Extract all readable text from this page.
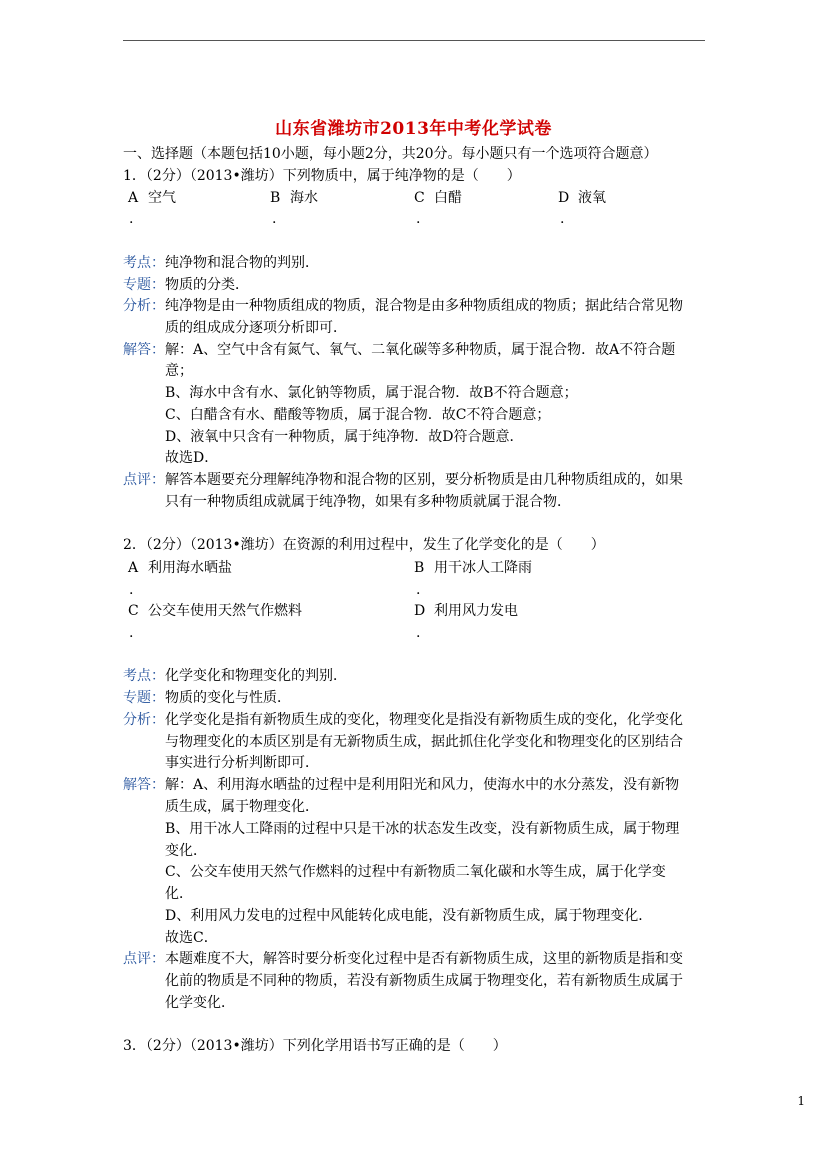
山东省潍坊市2013年中考化学试卷
一、选择题（本题包括10小题，每小题2分，共20分。每小题只有一个选项符合题意）
1．（2分）（2013•潍坊）下列物质中，属于纯净物的是（　　）
A 空气	B 海水	C 白醋	D 液氧
.	.	.	.
考点：纯净物和混合物的判别．
专题：物质的分类．
分析：纯净物是由一种物质组成的物质，混合物是由多种物质组成的物质；据此结合常见物
质的组成成分逐项分析即可．
解答：解：A、空气中含有氮气、氧气、二氧化碳等多种物质，属于混合物．故A不符合题
意；
B、海水中含有水、氯化钠等物质，属于混合物．故B不符合题意；
C、白醋含有水、醋酸等物质，属于混合物．故C不符合题意；
D、液氧中只含有一种物质，属于纯净物．故D符合题意．
故选D．
点评：解答本题要充分理解纯净物和混合物的区别，要分析物质是由几种物质组成的，如果
只有一种物质组成就属于纯净物，如果有多种物质就属于混合物．
2．（2分）（2013•潍坊）在资源的利用过程中，发生了化学变化的是（　　）
A 利用海水晒盐	B 用干冰人工降雨
.	.
C 公交车使用天然气作燃料	D 利用风力发电
.	.
考点：化学变化和物理变化的判别．
专题：物质的变化与性质．
分析：化学变化是指有新物质生成的变化，物理变化是指没有新物质生成的变化，化学变化
与物理变化的本质区别是有无新物质生成，据此抓住化学变化和物理变化的区别结合
事实进行分析判断即可．
解答：解：A、利用海水晒盐的过程中是利用阳光和风力，使海水中的水分蒸发，没有新物
质生成，属于物理变化．
B、用干冰人工降雨的过程中只是干冰的状态发生改变，没有新物质生成，属于物理
变化．
C、公交车使用天然气作燃料的过程中有新物质二氧化碳和水等生成，属于化学变
化．
D、利用风力发电的过程中风能转化成电能，没有新物质生成，属于物理变化．
故选C．
点评：本题难度不大，解答时要分析变化过程中是否有新物质生成，这里的新物质是指和变
化前的物质是不同种的物质，若没有新物质生成属于物理变化，若有新物质生成属于
化学变化．
3．（2分）（2013•潍坊）下列化学用语书写正确的是（　　）
1
